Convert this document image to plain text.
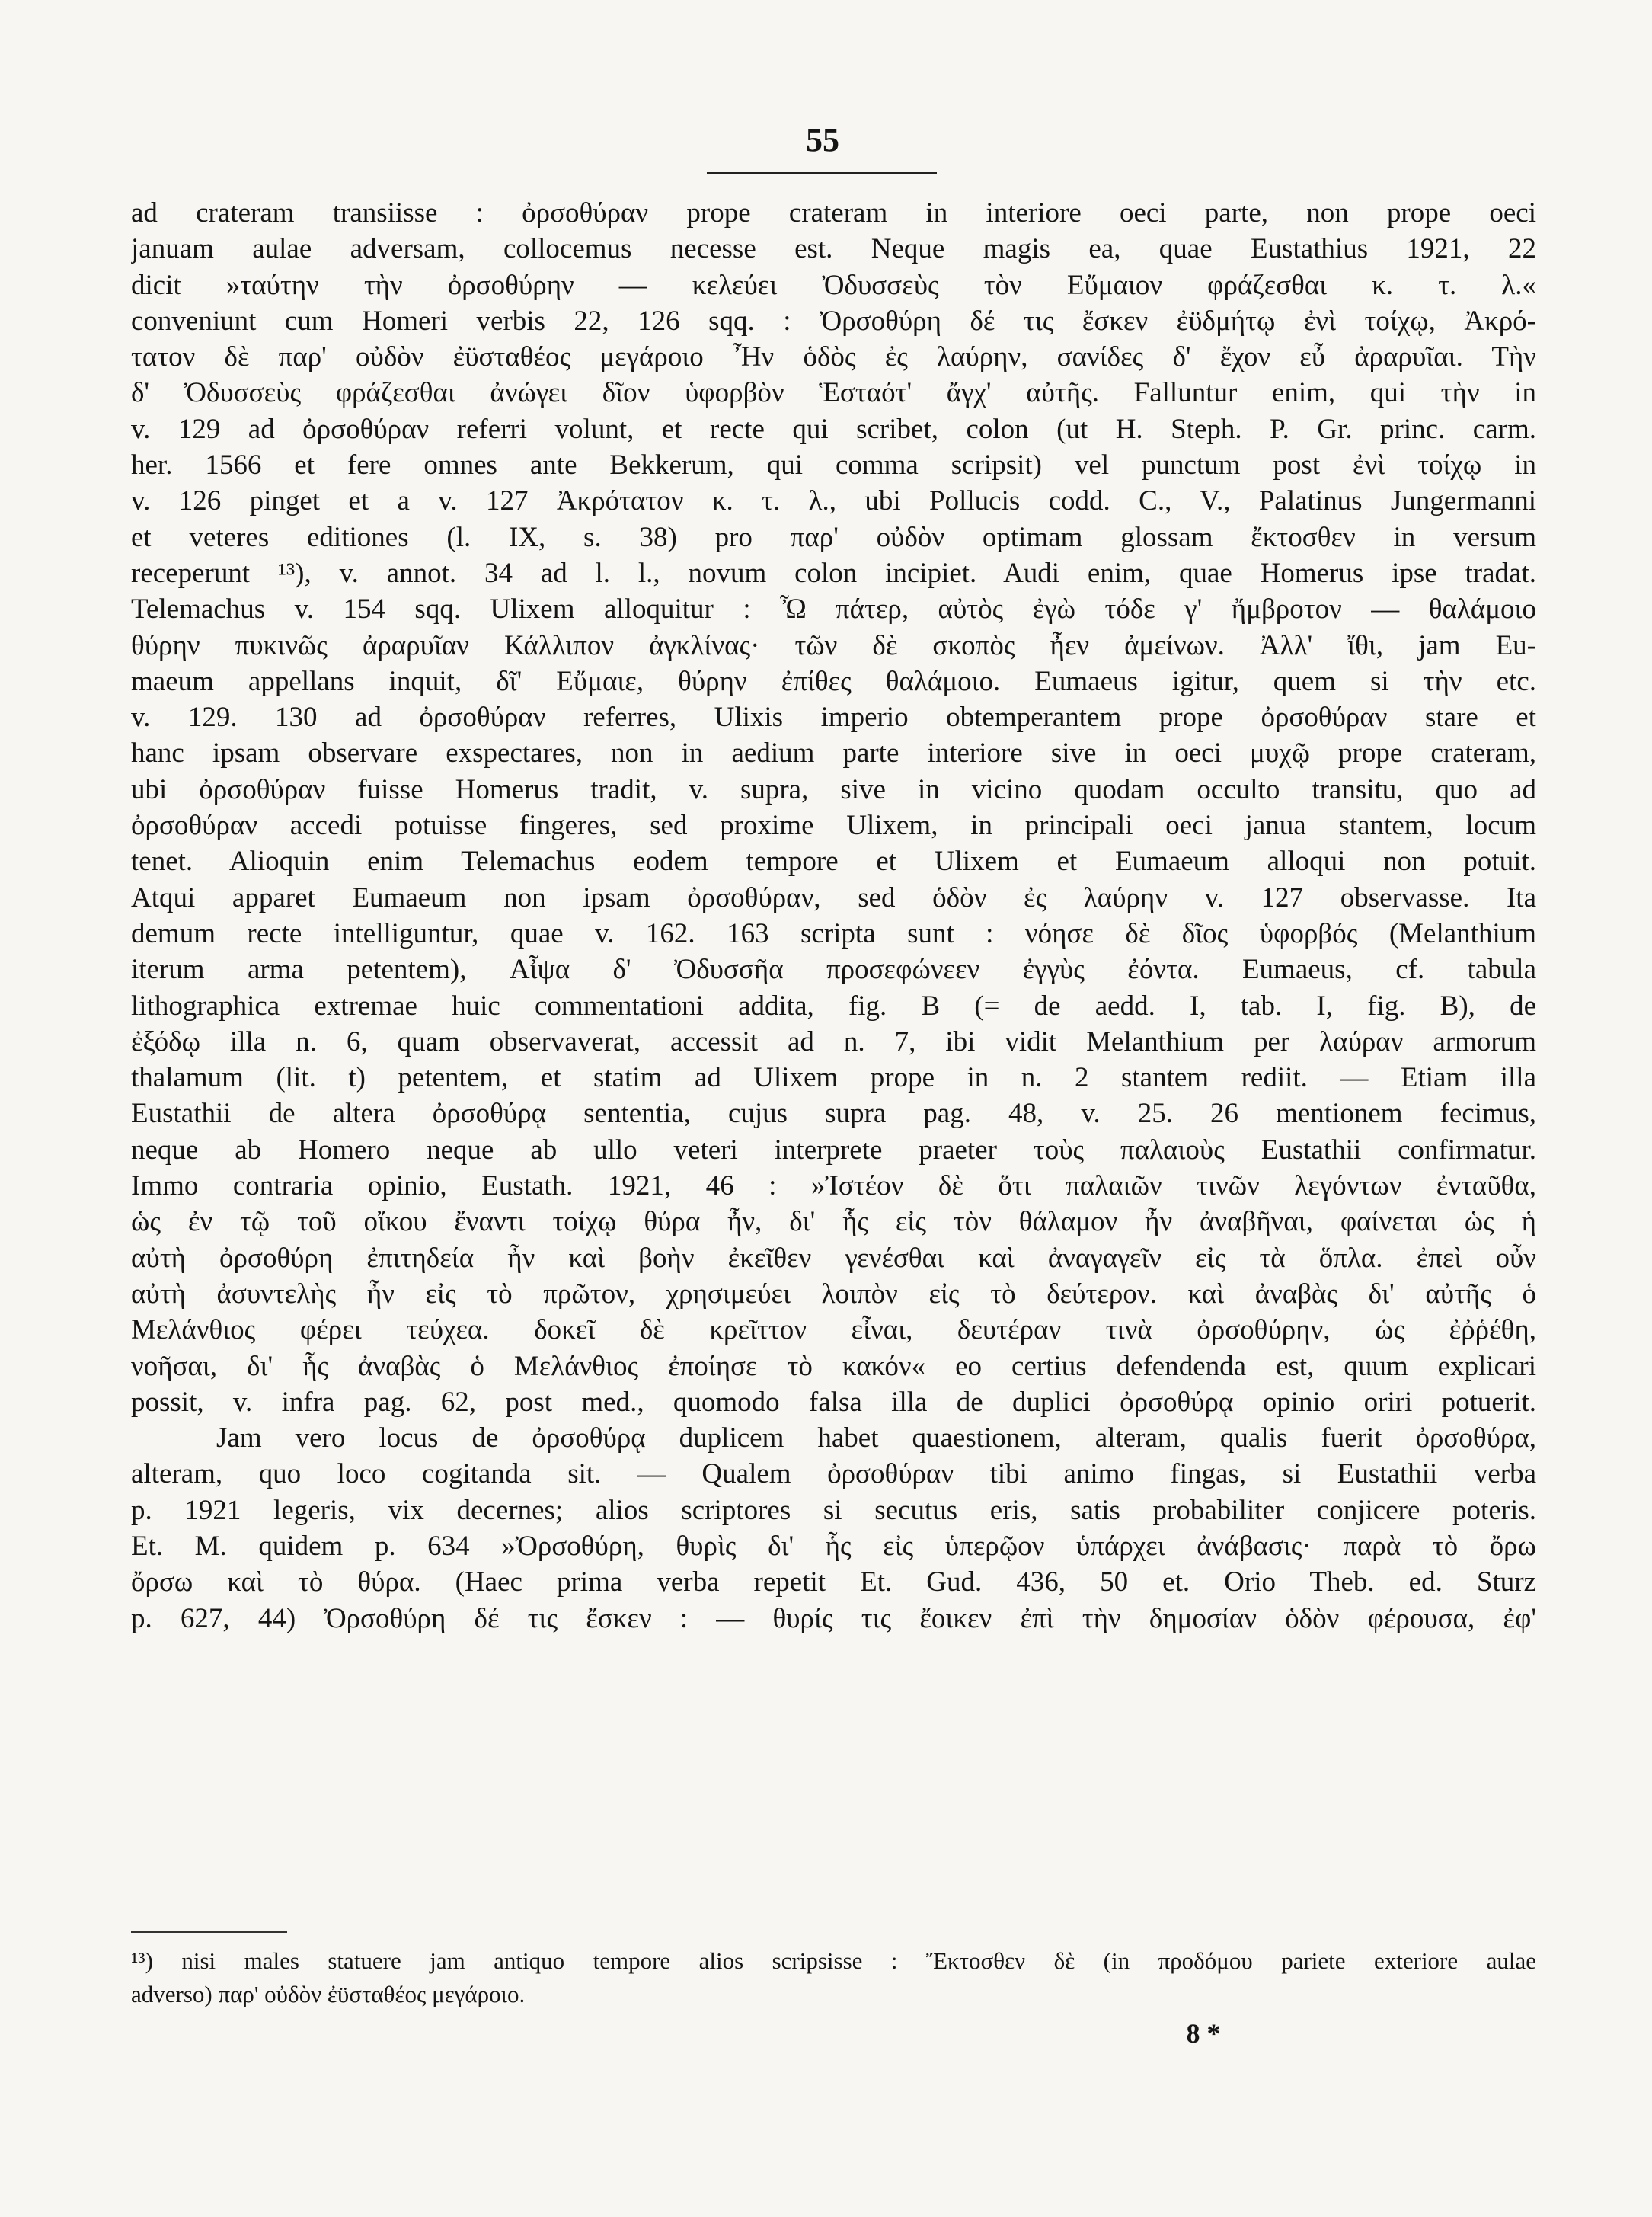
55
ad crateram transiisse : ὀρσοθύραν prope crateram in interiore oeci parte, non prope oeci
januam aulae adversam, collocemus necesse est. Neque magis ea, quae Eustathius 1921, 22
dicit »ταύτην τὴν ὀρσοθύρην — κελεύει Ὀδυσσεὺς τὸν Εὔμαιον φράζεσθαι κ. τ. λ.«
conveniunt cum Homeri verbis 22, 126 sqq. : Ὀρσοθύρη δέ τις ἔσκεν ἐϋδμήτῳ ἐνὶ τοίχῳ, Ἀκρό-
τατον δὲ παρ' οὐδὸν ἐϋσταθέος μεγάροιο Ἦν ὁδὸς ἐς λαύρην, σανίδες δ' ἔχον εὖ ἀραρυῖαι. Τὴν
δ' Ὀδυσσεὺς φράζεσθαι ἀνώγει δῖον ὑφορβὸν Ἑσταότ' ἄγχ' αὐτῆς. Falluntur enim, qui τὴν in
v. 129 ad ὀρσοθύραν referri volunt, et recte qui scribet, colon (ut H. Steph. P. Gr. princ. carm.
her. 1566 et fere omnes ante Bekkerum, qui comma scripsit) vel punctum post ἐνὶ τοίχῳ in
v. 126 pinget et a v. 127 Ἀκρότατον κ. τ. λ., ubi Pollucis codd. C., V., Palatinus Jungermanni
et veteres editiones (l. IX, s. 38) pro παρ' οὐδὸν optimam glossam ἔκτοσθεν in versum
receperunt ¹³), v. annot. 34 ad l. l., novum colon incipiet. Audi enim, quae Homerus ipse tradat.
Telemachus v. 154 sqq. Ulixem alloquitur : Ὦ πάτερ, αὐτὸς ἐγὼ τόδε γ' ἤμβροτον — θαλάμοιο
θύρην πυκινῶς ἀραρυῖαν Κάλλιπον ἀγκλίνας· τῶν δὲ σκοπὸς ἦεν ἀμείνων. Ἀλλ' ἴθι, jam Eu-
maeum appellans inquit, δῖ' Εὔμαιε, θύρην ἐπίθες θαλάμοιο. Eumaeus igitur, quem si τὴν etc.
v. 129. 130 ad ὀρσοθύραν referres, Ulixis imperio obtemperantem prope ὀρσοθύραν stare et
hanc ipsam observare exspectares, non in aedium parte interiore sive in oeci μυχῷ prope crateram,
ubi ὀρσοθύραν fuisse Homerus tradit, v. supra, sive in vicino quodam occulto transitu, quo ad
ὀρσοθύραν accedi potuisse fingeres, sed proxime Ulixem, in principali oeci janua stantem, locum
tenet. Alioquin enim Telemachus eodem tempore et Ulixem et Eumaeum alloqui non potuit.
Atqui apparet Eumaeum non ipsam ὀρσοθύραν, sed ὁδὸν ἐς λαύρην v. 127 observasse. Ita
demum recte intelliguntur, quae v. 162. 163 scripta sunt : νόησε δὲ δῖος ὑφορβός (Melanthium
iterum arma petentem), Αἶψα δ' Ὀδυσσῆα προσεφώνεεν ἐγγὺς ἐόντα. Eumaeus, cf. tabula
lithographica extremae huic commentationi addita, fig. B (= de aedd. I, tab. I, fig. B), de
ἐξόδῳ illa n. 6, quam observaverat, accessit ad n. 7, ibi vidit Melanthium per λαύραν armorum
thalamum (lit. t) petentem, et statim ad Ulixem prope in n. 2 stantem rediit. — Etiam illa
Eustathii de altera ὀρσοθύρᾳ sententia, cujus supra pag. 48, v. 25. 26 mentionem fecimus,
neque ab Homero neque ab ullo veteri interprete praeter τοὺς παλαιοὺς Eustathii confirmatur.
Immo contraria opinio, Eustath. 1921, 46 : »Ἰστέον δὲ ὅτι παλαιῶν τινῶν λεγόντων ἐνταῦθα,
ὡς ἐν τῷ τοῦ οἴκου ἔναντι τοίχῳ θύρα ἦν, δι' ἧς εἰς τὸν θάλαμον ἦν ἀναβῆναι, φαίνεται ὡς ἡ
αὐτὴ ὀρσοθύρη ἐπιτηδεία ἦν καὶ βοὴν ἐκεῖθεν γενέσθαι καὶ ἀναγαγεῖν εἰς τὰ ὅπλα. ἐπεὶ οὖν
αὐτὴ ἀσυντελὴς ἦν εἰς τὸ πρῶτον, χρησιμεύει λοιπὸν εἰς τὸ δεύτερον. καὶ ἀναβὰς δι' αὐτῆς ὁ
Μελάνθιος φέρει τεύχεα. δοκεῖ δὲ κρεῖττον εἶναι, δευτέραν τινὰ ὀρσοθύρην, ὡς ἐῤῥέθη,
νοῆσαι, δι' ἧς ἀναβὰς ὁ Μελάνθιος ἐποίησε τὸ κακόν« eo certius defendenda est, quum explicari
possit, v. infra pag. 62, post med., quomodo falsa illa de duplici ὀρσοθύρᾳ opinio oriri potuerit.
Jam vero locus de ὀρσοθύρᾳ duplicem habet quaestionem, alteram, qualis fuerit ὀρσοθύρα,
alteram, quo loco cogitanda sit. — Qualem ὀρσοθύραν tibi animo fingas, si Eustathii verba
p. 1921 legeris, vix decernes; alios scriptores si secutus eris, satis probabiliter conjicere poteris.
Et. M. quidem p. 634 »Ὀρσοθύρη, θυρὶς δι' ἧς εἰς ὑπερῷον ὑπάρχει ἀνάβασις· παρὰ τὸ ὄρω
ὄρσω καὶ τὸ θύρα. (Haec prima verba repetit Et. Gud. 436, 50 et. Orio Theb. ed. Sturz
p. 627, 44) Ὀρσοθύρη δέ τις ἔσκεν : — θυρίς τις ἔοικεν ἐπὶ τὴν δημοσίαν ὁδὸν φέρουσα, ἐφ'
¹³) nisi males statuere jam antiquo tempore alios scripsisse : Ἔκτοσθεν δὲ (in προδόμου pariete exteriore aulae
adverso) παρ' οὐδὸν ἐϋσταθέος μεγάροιο.
8 *
